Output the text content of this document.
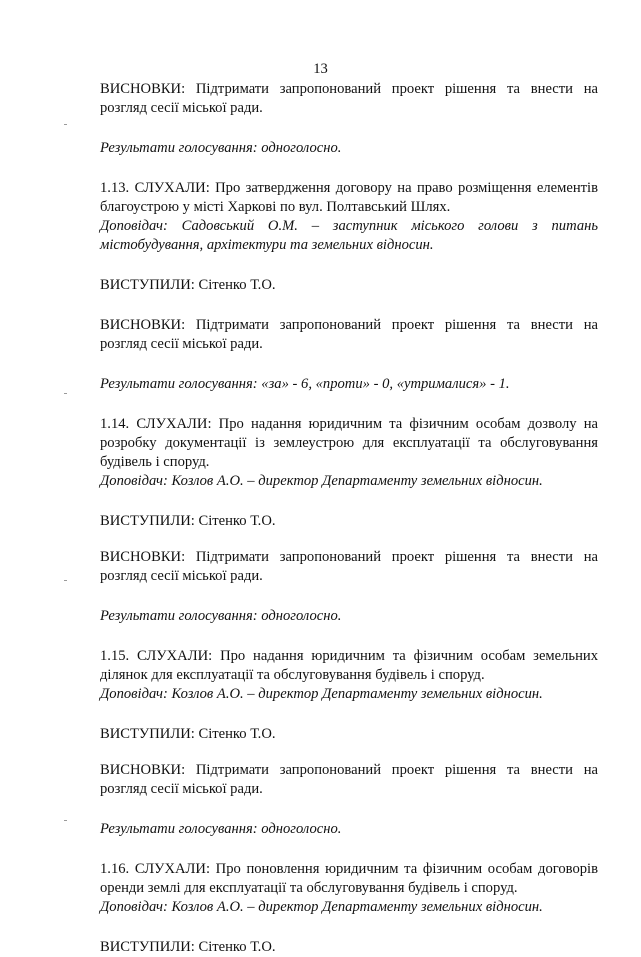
13

ВИСНОВКИ: Підтримати запропонований проект рішення та внести на розгляд сесії міської ради.

Результати голосування: одноголосно.

1.13. СЛУХАЛИ: Про затвердження договору на право розміщення елементів благоустрою у місті Харкові по вул. Полтавський Шлях.

Доповідач: Садовський О.М. – заступник міського голови з питань містобудування, архітектури та земельних відносин.

ВИСТУПИЛИ: Сітенко Т.О.

ВИСНОВКИ: Підтримати запропонований проект рішення та внести на розгляд сесії міської ради.

Результати голосування: «за» - 6, «проти» - 0, «утрималися» - 1.

1.14. СЛУХАЛИ: Про надання юридичним та фізичним особам дозволу на розробку документації із землеустрою для експлуатації та обслуговування будівель і споруд.

Доповідач: Козлов А.О. – директор Департаменту земельних відносин.

ВИСТУПИЛИ: Сітенко Т.О.

ВИСНОВКИ: Підтримати запропонований проект рішення та внести на розгляд сесії міської ради.

Результати голосування: одноголосно.

1.15. СЛУХАЛИ: Про надання юридичним та фізичним особам земельних ділянок для експлуатації та обслуговування будівель і споруд.

Доповідач: Козлов А.О. – директор Департаменту земельних відносин.

ВИСТУПИЛИ: Сітенко Т.О.

ВИСНОВКИ: Підтримати запропонований проект рішення та внести на розгляд сесії міської ради.

Результати голосування: одноголосно.

1.16. СЛУХАЛИ: Про поновлення юридичним та фізичним особам договорів оренди землі для експлуатації та обслуговування будівель і споруд.

Доповідач: Козлов А.О. – директор Департаменту земельних відносин.

ВИСТУПИЛИ: Сітенко Т.О.
